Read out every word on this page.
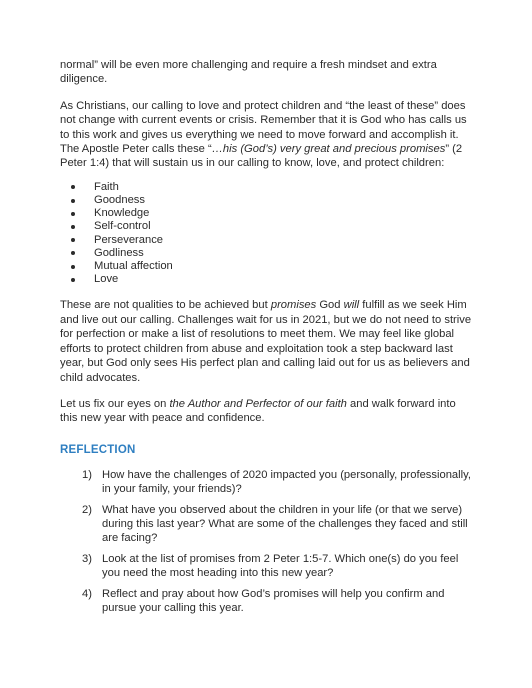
normal” will be even more challenging and require a fresh mindset and extra diligence.

As Christians, our calling to love and protect children and “the least of these” does not change with current events or crisis. Remember that it is God who has calls us to this work and gives us everything we need to move forward and accomplish it. The Apostle Peter calls these “…his (God’s) very great and precious promises” (2 Peter 1:4) that will sustain us in our calling to know, love, and protect children:

Faith
Goodness
Knowledge
Self-control
Perseverance
Godliness
Mutual affection
Love

These are not qualities to be achieved but promises God will fulfill as we seek Him and live out our calling. Challenges wait for us in 2021, but we do not need to strive for perfection or make a list of resolutions to meet them. We may feel like global efforts to protect children from abuse and exploitation took a step backward last year, but God only sees His perfect plan and calling laid out for us as believers and child advocates.

Let us fix our eyes on the Author and Perfector of our faith and walk forward into this new year with peace and confidence.

REFLECTION
1) How have the challenges of 2020 impacted you (personally, professionally, in your family, your friends)?
2) What have you observed about the children in your life (or that we serve) during this last year? What are some of the challenges they faced and still are facing?
3) Look at the list of promises from 2 Peter 1:5-7. Which one(s) do you feel you need the most heading into this new year?
4) Reflect and pray about how God’s promises will help you confirm and pursue your calling this year.
